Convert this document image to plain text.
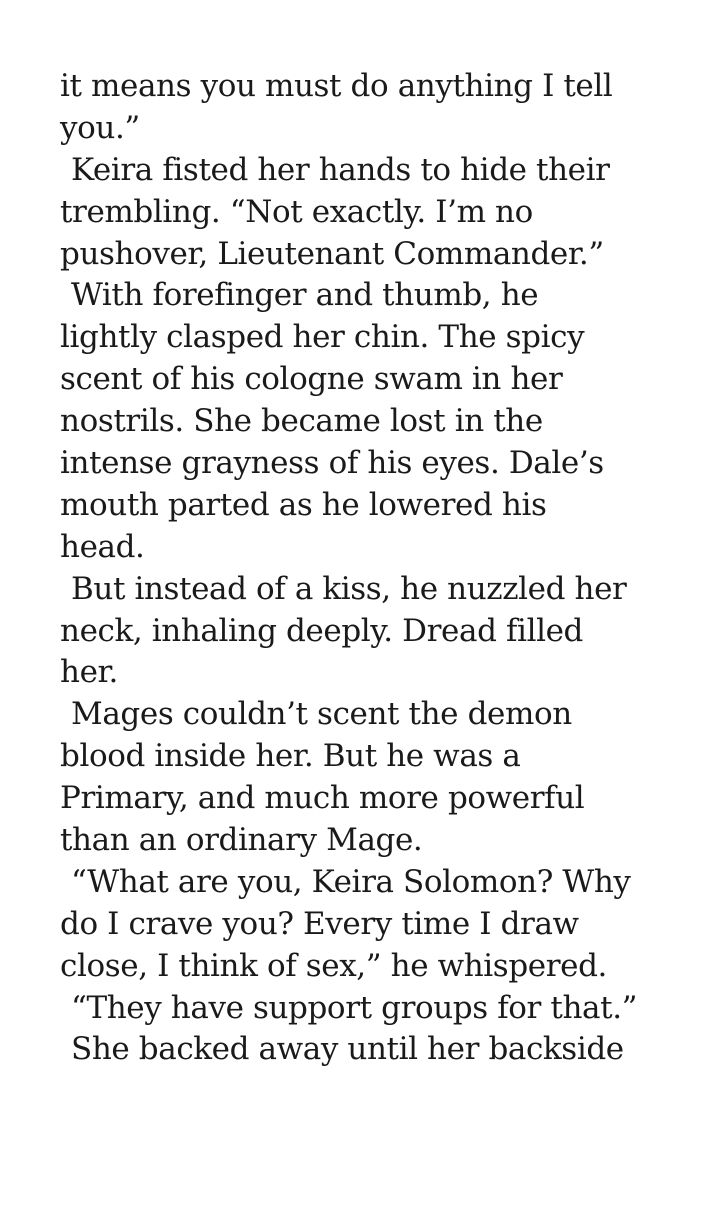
it means you must do anything I tell
you.”
Keira fisted her hands to hide their
trembling. “Not exactly. I’m no
pushover, Lieutenant Commander.”
With forefinger and thumb, he
lightly clasped her chin. The spicy
scent of his cologne swam in her
nostrils. She became lost in the
intense grayness of his eyes. Dale’s
mouth parted as he lowered his
head.
But instead of a kiss, he nuzzled her
neck, inhaling deeply. Dread filled
her.
Mages couldn’t scent the demon
blood inside her. But he was a
Primary, and much more powerful
than an ordinary Mage.
“What are you, Keira Solomon? Why
do I crave you? Every time I draw
close, I think of sex,” he whispered.
“They have support groups for that.”
She backed away until her backside
